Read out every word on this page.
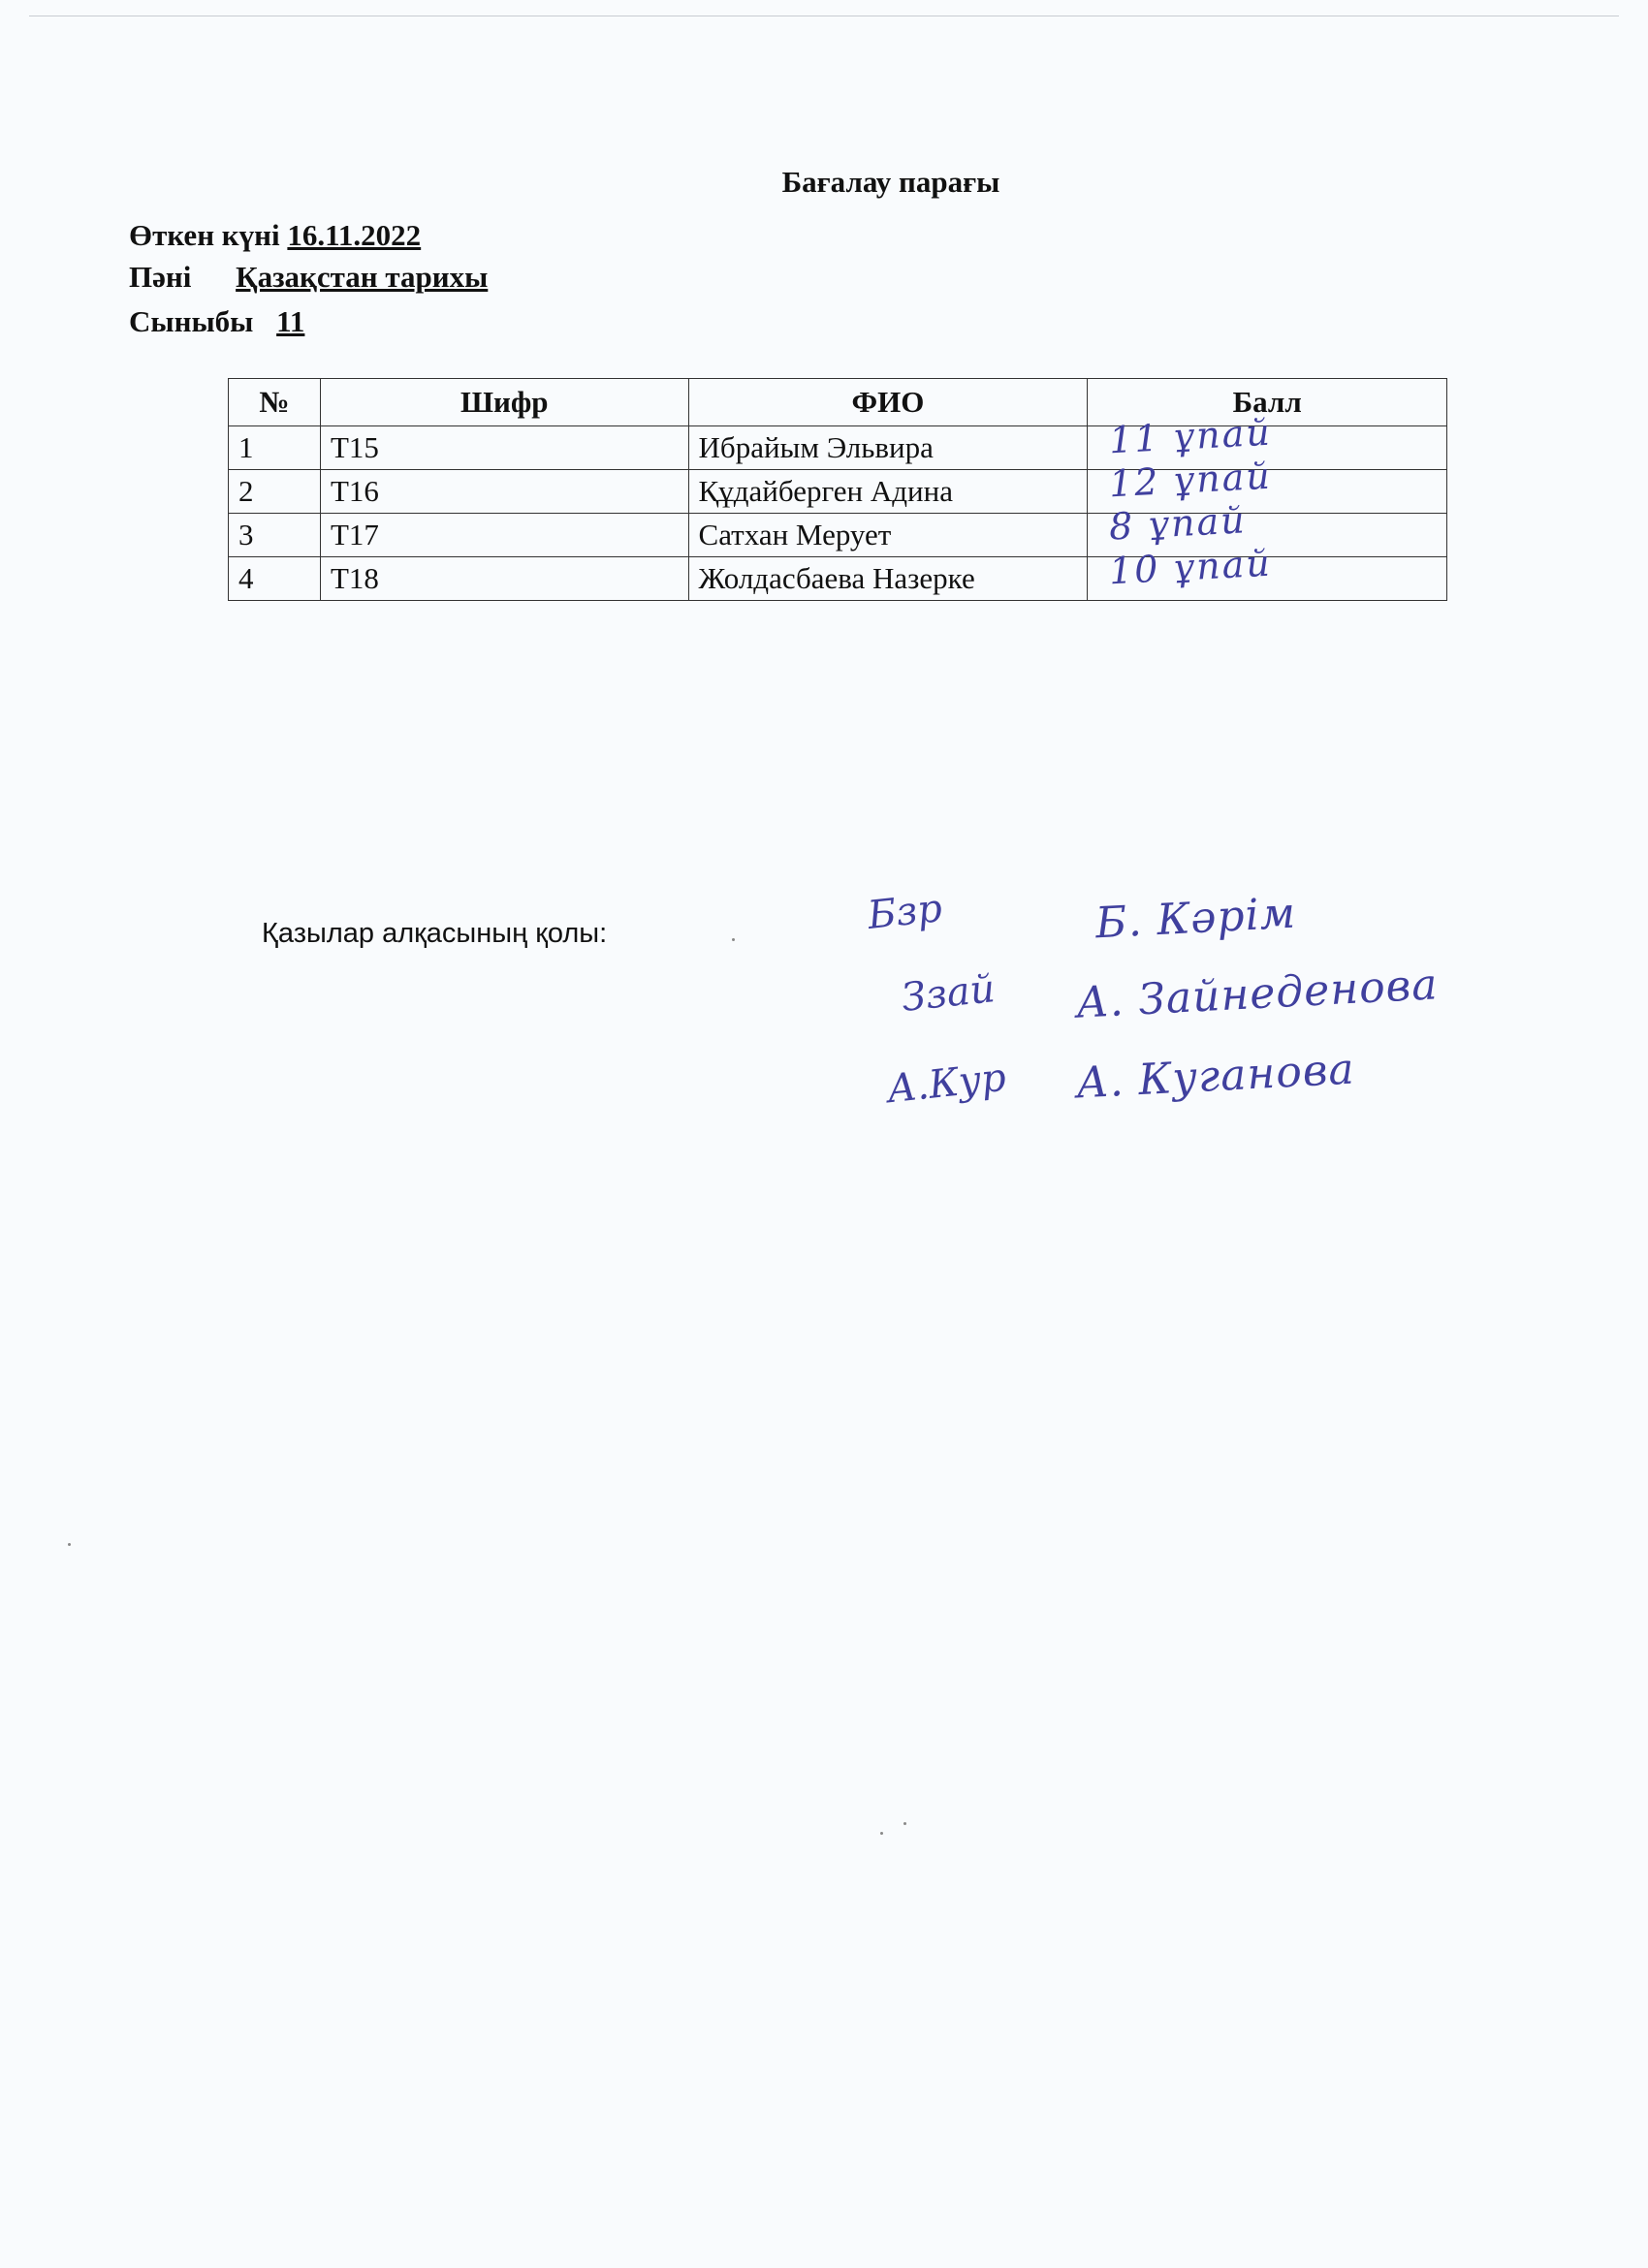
Бағалау парағы
Өткен күні 16.11.2022
Пәні Қазақстан тарихы
Сыныбы 11
№	Шифр	ФИО	Балл
1	T15	Ибрайым Эльвира	11 ұпай

2	T16	Құдайберген Адина	12 ұпай

3	T17	Сатхан Мерует	8 ұпай

4	T18	Жолдасбаева Назерке	10 ұпай
Қазылар алқасының қолы:	Бзр	Б. Кәрім
Ззай А. Зайнеденова
А.Кур А. Куганова
